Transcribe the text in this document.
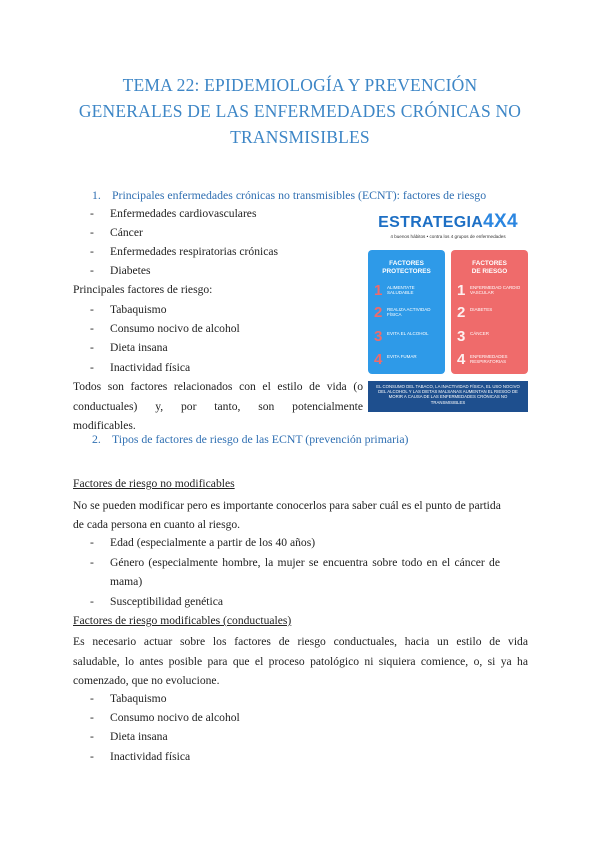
TEMA 22: EPIDEMIOLOGÍA Y PREVENCIÓN
GENERALES DE LAS ENFERMEDADES CRÓNICAS NO
TRANSMISIBLES
1. Principales enfermedades crónicas no transmisibles (ECNT): factores de riesgo
- Enfermedades cardiovasculares
- Cáncer
- Enfermedades respiratorias crónicas
- Diabetes
Principales factores de riesgo:
- Tabaquismo
- Consumo nocivo de alcohol
- Dieta insana
- Inactividad física
Todos son factores relacionados con el estilo de vida (o
conductuales) y, por tanto, son potencialmente
modificables.
ESTRATEGIA4X4
4 buenos hábitos • contra los 4 grupos de enfermedades
FACTORES
PROTECTORES
1 ALIMENTATE SALUDABLE
2 REALIZA ACTIVIDAD FÍSICA
3 EVITA EL ALCOHOL
4 EVITA FUMAR
FACTORES
DE RIESGO
1 ENFERMEDAD CARDIO VASCULAR
2 DIABETES
3 CÁNCER
4 ENFERMEDADES RESPIRATORIAS
EL CONSUMO DEL TABACO, LA INACTIVIDAD FÍSICA, EL USO NOCIVO DEL ALCOHOL Y LAS DIETAS MALSANAS AUMENTAN EL RIESGO DE MORIR A CAUSA DE LAS ENFERMEDADES CRÓNICAS NO TRANSMISIBLES
2. Tipos de factores de riesgo de las ECNT (prevención primaria)
Factores de riesgo no modificables
No se pueden modificar pero es importante conocerlos para saber cuál es el punto de partida
de cada persona en cuanto al riesgo.
- Edad (especialmente a partir de los 40 años)
- Género (especialmente hombre, la mujer se encuentra sobre todo en el cáncer de
mama)
- Susceptibilidad genética
Factores de riesgo modificables (conductuales)
Es necesario actuar sobre los factores de riesgo conductuales, hacia un estilo de vida
saludable, lo antes posible para que el proceso patológico ni siquiera comience, o, si ya ha
comenzado, que no evolucione.
- Tabaquismo
- Consumo nocivo de alcohol
- Dieta insana
- Inactividad física
